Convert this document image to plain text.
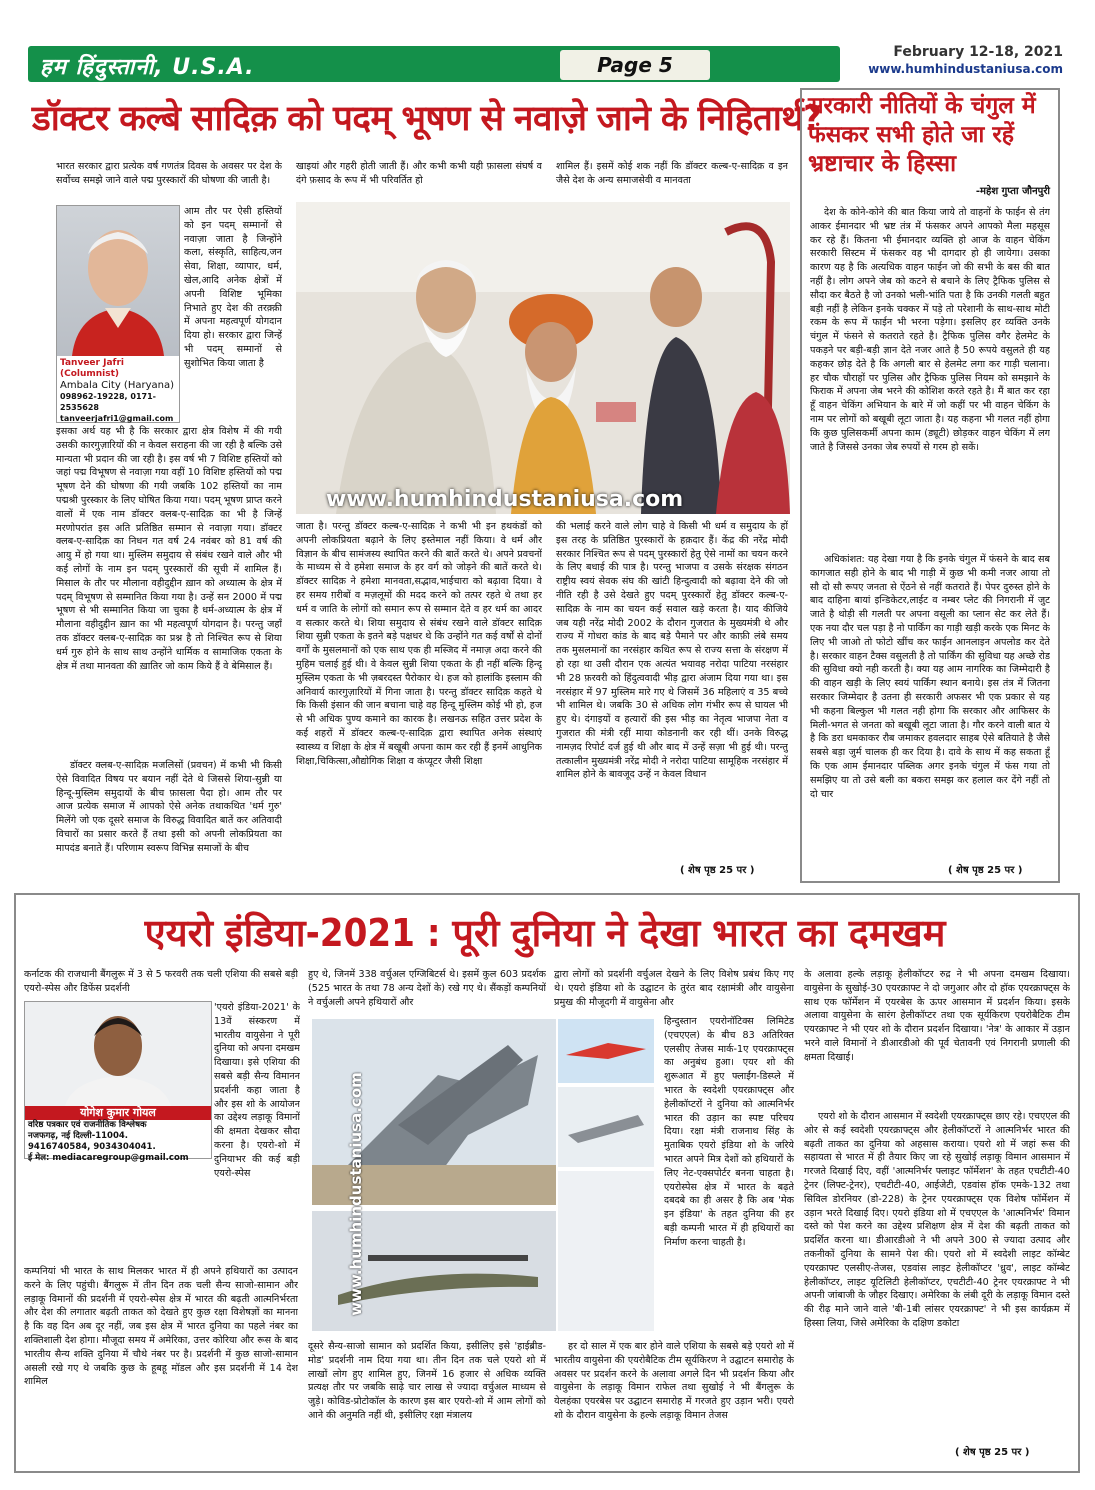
हम हिंदुस्तानी, U.S.A.	Page 5
February 12-18, 2021
www.humhindustaniusa.com
डॉक्टर कल्बे सादिक़ को पदम् भूषण से नवाज़े जाने के निहितार्थ?
भारत सरकार द्वारा प्रत्येक वर्ष गणतंत्र दिवस के अवसर पर देश के सर्वोच्च समझे जाने वाले पद्म पुरस्कारों की घोषणा की जाती है।
Tanveer Jafri (Columnist)
Ambala City (Haryana)
098962-19228, 0171-2535628
tanveerjafri1@gmail.com
आम तौर पर ऐसी हस्तियों को इन पदम् सम्मानों से नवाज़ा जाता है जिन्होंने कला, संस्कृति, साहित्य,जन सेवा, शिक्षा, व्यापार, धर्म, खेल,आदि अनेक क्षेत्रों में अपनी विशिष्ट भूमिका निभाते हुए देश की तरक़्क़ी में अपना महत्वपूर्ण योगदान दिया हो। सरकार द्वारा जिन्हें भी पदम् सम्मानों से सुशोभित किया जाता है
इसका अर्थ यह भी है कि सरकार द्वारा क्षेत्र विशेष में की गयी उसकी कारगुज़ारियों की न केवल सराहना की जा रही है बल्कि उसे मान्यता भी प्रदान की जा रही है। इस वर्ष भी 7 विशिष्ट हस्तियों को जहां पद्म विभूषण से नवाज़ा गया वहीं 10 विशिष्ट हस्तियों को पद्म भूषण देने की घोषणा की गयी जबकि 102 हस्तियों का नाम पद्मश्री पुरस्कार के लिए घोषित किया गया। पदम् भूषण प्राप्त करने वालों में एक नाम डॉक्टर क्लब-ए-सादिक़ का भी है जिन्हें मरणोपरांत इस अति प्रतिष्ठित सम्मान से नवाज़ा गया। डॉक्टर क्लब-ए-सादिक़ का निधन गत वर्ष 24 नवंबर को 81 वर्ष की आयु में हो गया था। मुस्लिम समुदाय से संबंध रखने वाले और भी कई लोगों के नाम इन पदम् पुरस्कारों की सूची में शामिल हैं। मिसाल के तौर पर मौलाना वहीदुद्दीन ख़ान को अध्यात्म के क्षेत्र में पदम् विभूषण से सम्मानित किया गया है। उन्हें सन 2000 में पद्म भूषण से भी सम्मानित किया जा चुका है धर्म-अध्यात्म के क्षेत्र में मौलाना वहीदुद्दीन ख़ान का भी महत्वपूर्ण योगदान है। परन्तु जहाँ तक डॉक्टर क्लब-ए-सादिक़ का प्रश्न है तो निश्चित रूप से शिया धर्म गुरु होने के साथ साथ उन्होंने धार्मिक व सामाजिक एकता के क्षेत्र में तथा मानवता की ख़ातिर जो काम किये हैं वे बेमिसाल हैं।
डॉक्टर क्लब-ए-सादिक़ मजलिसों (प्रवचन) में कभी भी किसी ऐसे विवादित विषय पर बयान नहीं देते थे जिससे शिया-सुन्नी या हिन्दू-मुस्लिम समुदायों के बीच फ़ासला पैदा हो। आम तौर पर आज प्रत्येक समाज में आपको ऐसे अनेक तथाकथित 'धर्म गुरु' मिलेंगे जो एक दूसरे समाज के विरुद्ध विवादित बातें कर अतिवादी विचारों का प्रसार करते हैं तथा इसी को अपनी लोकप्रियता का मापदंड बनाते हैं। परिणाम स्वरूप विभिन्न समाजों के बीच
खाइयां और गहरी होती जाती हैं। और कभी कभी यही फ़ासला संघर्ष व दंगे फ़साद के रूप में भी परिवर्तित हो
शामिल हैं। इसमें कोई शक नहीं कि डॉक्टर कल्ब-ए-सादिक़ व इन जैसे देश के अन्य समाजसेवी व मानवता
www.humhindustaniusa.com
जाता है। परन्तु डॉक्टर कल्ब-ए-सादिक़ ने कभी भी इन हथकंडों को अपनी लोकप्रियता बढ़ाने के लिए इस्तेमाल नहीं किया। वे धर्म और विज्ञान के बीच सामंजस्य स्थापित करने की बातें करते थे। अपने प्रवचनों के माध्यम से वे हमेशा समाज के हर वर्ग को जोड़ने की बातें करते थे। डॉक्टर सादिक़ ने हमेशा मानवता,सद्भाव,भाईचारा को बढ़ावा दिया। वे हर समय ग़रीबों व मज़लूमों की मदद करने को तत्पर रहते थे तथा हर धर्म व जाति के लोगों को समान रूप से सम्मान देते व हर धर्म का आदर व सत्कार करते थे। शिया समुदाय से संबंध रखने वाले डॉक्टर सादिक़ शिया सुन्नी एकता के इतने बड़े पक्षधर थे कि उन्होंने गत कई वर्षों से दोनों वर्गों के मुसलमानों को एक साथ एक ही मस्जिद में नमाज़ अदा करने की मुहिम चलाई हुई थी। वे केवल सुन्नी शिया एकता के ही नहीं बल्कि हिन्दू मुस्लिम एकता के भी ज़बरदस्त पैरोकार थे। हज को हालांकि इस्लाम की अनिवार्य कारगुज़ारियों में गिना जाता है। परन्तु डॉक्टर सादिक़ कहते थे कि किसी इंसान की जान बचाना चाहे वह हिन्दू मुस्लिम कोई भी हो, हज से भी अधिक पुण्य कमाने का कारक है। लखनऊ सहित उत्तर प्रदेश के कई शहरों में डॉक्टर कल्ब-ए-सादिक़ द्वारा स्थापित अनेक संस्थाएं स्वास्थ्य व शिक्षा के क्षेत्र में बखूबी अपना काम कर रही हैं इनमें आधुनिक शिक्षा,चिकित्सा,औद्योगिक शिक्षा व कंप्यूटर जैसी शिक्षा
की भलाई करने वाले लोग चाहे वे किसी भी धर्म व समुदाय के हों इस तरह के प्रतिष्ठित पुरस्कारों के हक़दार हैं। केंद्र की नरेंद्र मोदी सरकार निश्चित रूप से पदम् पुरस्कारों हेतु ऐसे नामों का चयन करने के लिए बधाई की पात्र है। परन्तु भाजपा व उसके संरक्षक संगठन राष्ट्रीय स्वयं सेवक संघ की खांटी हिन्दुत्वादी को बढ़ावा देने की जो नीति रही है उसे देखते हुए पदम् पुरस्कारों हेतु डॉक्टर कल्ब-ए-सादिक़ के नाम का चयन कई सवाल खड़े करता है। याद कीजिये जब यही नरेंद्र मोदी 2002 के दौरान गुजरात के मुख्यमंत्री थे और राज्य में गोधरा कांड के बाद बड़े पैमाने पर और काफ़ी लंबे समय तक मुसलमानों का नरसंहार कथित रूप से राज्य सत्ता के संरक्षण में हो रहा था उसी दौरान एक अत्यंत भयावह नरोदा पाटिया नरसंहार भी 28 फ़रवरी को हिंदुत्ववादी भीड़ द्वारा अंजाम दिया गया था। इस नरसंहार में 97 मुस्लिम मारे गए थे जिसमें 36 महिलाएं व 35 बच्चे भी शामिल थे। जबकि 30 से अधिक लोग गंभीर रूप से घायल भी हुए थे। दंगाइयों व हत्यारों की इस भीड़ का नेतृत्व भाजपा नेता व गुजरात की मंत्री रहीं माया कोडनानी कर रही थीं। उनके विरुद्ध नामज़द रिपोर्ट दर्ज हुई थी और बाद में उन्हें सज़ा भी हुई थी। परन्तु तत्कालीन मुख्यमंत्री नरेंद्र मोदी ने नरोदा पाटिया सामूहिक नरसंहार में शामिल होने के बावजूद उन्हें न केवल विधान
( शेष पृष्ठ 25 पर )
सरकारी नीतियों के चंगुल में फंसकर सभी होते जा रहें भ्रष्टाचार के हिस्सा
-महेश गुप्ता जौनपुरी
देश के कोने-कोने की बात किया जाये तो वाहनों के फाईन से तंग आकर ईमानदार भी भ्रष्ट तंत्र में फंसकर अपने आपको मैला महसूस कर रहे हैं। कितना भी ईमानदार व्यक्ति हो आज के वाहन चेकिंग सरकारी सिस्टम में फंसकर वह भी दागदार हो ही जायेगा। उसका कारण यह है कि अत्यधिक वाहन फाईन जो की सभी के बस की बात नहीं है। लोग अपने जेब को कटने से बचाने के लिए ट्रैफिक पुलिस से सौदा कर बैठते है जो उनको भली-भांति पता है कि उनकी गलती बहुत बड़ी नहीं है लेकिन इनके चक्कर में पड़े तो परेशानी के साथ-साथ मोटी रकम के रूप में फाईन भी भरना पड़ेगा। इसलिए हर व्यक्ति उनके चंगुल में फंसने से कतराते रहते है। ट्रैफिक पुलिस वगैर हेलमेट के पकड़ने पर बड़ी-बड़ी ज्ञान देते नजर आते है 50 रूपये वसुलते ही यह कहकर छोड़ देते है कि अगली बार से हेलमेट लगा कर गाड़ी चलाना। हर चौक चौराहों पर पुलिस और ट्रैफिक पुलिस नियम को समझाने के फिराक में अपना जेब भरने की कोशिश करते रहते है। मैं बात कर रहा हूँ वाहन चेकिंग अभियान के बारे में जो कहीं पर भी वाहन चेकिंग के नाम पर लोगों को बखूबी लूटा जाता है। यह कहना भी गलत नहीं होगा कि कुछ पुलिसकर्मी अपना काम (ड्यूटी) छोड़कर वाहन चेकिंग में लग जाते है जिससे उनका जेब रुपयों से गरम हो सकें।
अधिकांशत: यह देखा गया है कि इनके चंगुल में फंसने के बाद सब कागजात सही होने के बाद भी गाड़ी में कुछ भी कमी नजर आया तो सौ दो सौ रूपए जनता से ऐंठने से नहीं कतराते हैं। पेपर दुरुस्त होने के बाद दाहिना बायां इन्डिकेटर,लाईट व नम्बर प्लेट की निगरानी में जुट जाते है थोड़ी सी गलती पर अपना वसूली का प्लान सेट कर लेते हैं। एक नया दौर चल पड़ा है नो पार्किंग का गाड़ी खड़ी करके एक मिनट के लिए भी जाओ तो फोटो खींच कर फाईन आनलाइन अपलोड कर देते है। सरकार वाहन टैक्स वसुलती है तो पार्किंग की सुविधा यह अच्छे रोड की सुविधा क्यो नही करती है। क्या यह आम नागरिक का जिम्मेदारी है की वाहन खड़ी के लिए स्वयं पार्किंग स्थान बनाये। इस तंत्र में जितना सरकार जिम्मेदार है उतना ही सरकारी अफसर भी एक प्रकार से यह भी कहना बिल्कुल भी गलत नही होगा कि सरकार और आफिसर के मिली-भगत से जनता को बखूबी लूटा जाता है। गौर करने वाली बात ये है कि डरा धमकाकर रौब जमाकर हवलदार साहब ऐसे बतियाते है जैसे सबसे बड़ा जुर्म चालक ही कर दिया है। दावे के साथ में कह सकता हूँ कि एक आम ईमानदार पब्लिक अगर इनके चंगुल में फंस गया तो समझिए या तो उसे बली का बकरा समझ कर हलाल कर देंगे नहीं तो दो चार
( शेष पृष्ठ 25 पर )
एयरो इंडिया-2021 : पूरी दुनिया ने देखा भारत का दमखम
कर्नाटक की राजधानी बैंगलुरू में 3 से 5 फरवरी तक चली एशिया की सबसे बड़ी एयरो-स्पेस और डिफेंस प्रदर्शनी
योगेश कुमार गोयल
वरिष्ठ पत्रकार एवं राजनीतिक विश्लेषक
नजफगढ़, नई दिल्ली-11004.
9416740584, 9034304041.
ई मेल: mediacaregroup@gmail.com
'एयरो इंडिया-2021' के 13वें संस्करण में भारतीय वायुसेना ने पूरी दुनिया को अपना दमखम दिखाया। इसे एशिया की सबसे बड़ी सैन्य विमानन प्रदर्शनी कहा जाता है और इस शो के आयोजन का उद्देश्य लड़ाकू विमानों की क्षमता देखकर सौदा करना है। एयरो-शो में दुनियाभर की कई बड़ी एयरो-स्पेस
कम्पनियां भी भारत के साथ मिलकर भारत में ही अपने हथियारों का उत्पादन करने के लिए पहुंची। बैंगलुरू में तीन दिन तक चली सैन्य साजो-सामान और लड़ाकू विमानों की प्रदर्शनी में एयरो-स्पेस क्षेत्र में भारत की बढ़ती आत्मनिर्भरता और देश की लगातार बढ़ती ताकत को देखते हुए कुछ रक्षा विशेषज्ञों का मानना है कि वह दिन अब दूर नहीं, जब इस क्षेत्र में भारत दुनिया का पहले नंबर का शक्तिशाली देश होगा। मौजूदा समय में अमेरिका, उत्तर कोरिया और रूस के बाद भारतीय सैन्य शक्ति दुनिया में चौथे नंबर पर है। प्रदर्शनी में कुछ साजो-सामान असली रखे गए थे जबकि कुछ के हूबहू मॉडल और इस प्रदर्शनी में 14 देश शामिल
हुए थे, जिनमें 338 वर्चुअल एग्जिबिटर्स थे। इसमें कुल 603 प्रदर्शक (525 भारत के तथा 78 अन्य देशों के) रखे गए थे। सैंकड़ों कम्पनियों ने वर्चुअली अपने हथियारों और
द्वारा लोगों को प्रदर्शनी वर्चुअल देखने के लिए विशेष प्रबंध किए गए थे। एयरो इंडिया शो के उद्घाटन के तुरंत बाद रक्षामंत्री और वायुसेना प्रमुख की मौजूदगी में वायुसेना और
www.humhindustaniusa.com
हिन्दुस्तान एयरोनॉटिक्स लिमिटेड (एचएएल) के बीच 83 अतिरिक्त एलसीए तेजस मार्क-1ए एयरक्राफ्ट्स का अनुबंध हुआ। एयर शो की शुरूआत में हुए फ्लाईंग-डिस्प्ले में भारत के स्वदेशी एयरक्राफ्ट्स और हेलीकॉप्टरों ने दुनिया को आत्मनिर्भर भारत की उड़ान का स्पष्ट परिचय दिया। रक्षा मंत्री राजनाथ सिंह के मुताबिक एयरो इंडिया शो के जरिये भारत अपने मित्र देशों को हथियारों के लिए नेट-एक्सपोर्टर बनना चाहता है। एयरोस्पेस क्षेत्र में भारत के बढ़ते दबदबे का ही असर है कि अब 'मेक इन इंडिया' के तहत दुनिया की हर बड़ी कम्पनी भारत में ही हथियारों का निर्माण करना चाहती है।
दूसरे सैन्य-साजो सामान को प्रदर्शित किया, इसीलिए इसे 'हाईब्रीड-मोड' प्रदर्शनी नाम दिया गया था। तीन दिन तक चले एयरो शो में लाखों लोग हुए शामिल हुए, जिनमें 16 हजार से अधिक व्यक्ति प्रत्यक्ष तौर पर जबकि साढ़े चार लाख से ज्यादा वर्चुअल माध्यम से जुड़े। कोविड-प्रोटोकॉल के कारण इस बार एयरो-शो में आम लोगों को आने की अनुमति नहीं थी, इसीलिए रक्षा मंत्रालय
हर दो साल में एक बार होने वाले एशिया के सबसे बड़े एयरो शो में भारतीय वायुसेना की एयरोबैटिक टीम सूर्यकिरण ने उद्घाटन समारोह के अवसर पर प्रदर्शन करने के अलावा अगले दिन भी प्रदर्शन किया और वायुसेना के लड़ाकू विमान राफेल तथा सुखोई ने भी बैंगलुरू के येलहंका एयरबेस पर उद्घाटन समारोह में गरजते हुए उड़ान भरी। एयरो शो के दौरान वायुसेना के हल्के लड़ाकू विमान तेजस
के अलावा हल्के लड़ाकू हेलीकॉप्टर रुद्र ने भी अपना दमखम दिखाया। वायुसेना के सुखोई-30 एयरक्राफ्ट ने दो जगुआर और दो हॉक एयरक्राफ्ट्स के साथ एक फॉर्मेशन में एयरबेस के ऊपर आसमान में प्रदर्शन किया। इसके अलावा वायुसेना के सारंग हेलीकॉप्टर तथा एक सूर्यकिरण एयरोबैटिक टीम एयरक्राफ्ट ने भी एयर शो के दौरान प्रदर्शन दिखाया। 'नेत्र' के आकार में उड़ान भरने वाले विमानों ने डीआरडीओ की पूर्व चेतावनी एवं निगरानी प्रणाली की क्षमता दिखाई।
एयरो शो के दौरान आसमान में स्वदेशी एयरक्राफ्ट्स छाए रहे। एचएएल की ओर से कई स्वदेशी एयरक्राफ्ट्स और हेलीकॉप्टरों ने आत्मनिर्भर भारत की बढ़ती ताकत का दुनिया को अहसास कराया। एयरो शो में जहां रूस की सहायता से भारत में ही तैयार किए जा रहे सुखोई लड़ाकू विमान आसमान में गरजते दिखाई दिए, वहीं 'आत्मनिर्भर फ्लाइट फॉर्मेशन' के तहत एचटीटी-40 ट्रेनर (लिफ्ट-ट्रेनर), एचटीटी-40, आईजेटी, एडवांस हॉक एमके-132 तथा सिविल डोरनियर (डो-228) के ट्रेनर एयरक्राफ्ट्स एक विशेष फॉर्मेशन में उड़ान भरते दिखाई दिए। एयरो इंडिया शो में एचएएल के 'आत्मनिर्भर' विमान दस्ते को पेश करने का उद्देश्य प्रशिक्षण क्षेत्र में देश की बढ़ती ताकत को प्रदर्शित करना था। डीआरडीओ ने भी अपने 300 से ज्यादा उत्पाद और तकनीकों दुनिया के सामने पेश की। एयरो शो में स्वदेशी लाइट कॉम्बेट एयरक्राफ्ट एलसीए-तेजस, एडवांस लाइट हेलीकॉप्टर 'ध्रुव', लाइट कॉम्बेट हेलीकॉप्टर, लाइट यूटिलिटी हेलीकॉप्टर, एचटीटी-40 ट्रेनर एयरक्राफ्ट ने भी अपनी जांबाजी के जौहर दिखाए। अमेरिका के लंबी दूरी के लड़ाकू विमान दस्ते की रीढ़ माने जाने वाले 'बी-1बी लांसर एयरक्राफ्ट' ने भी इस कार्यक्रम में हिस्सा लिया, जिसे अमेरिका के दक्षिण डकोटा
( शेष पृष्ठ 25 पर )
